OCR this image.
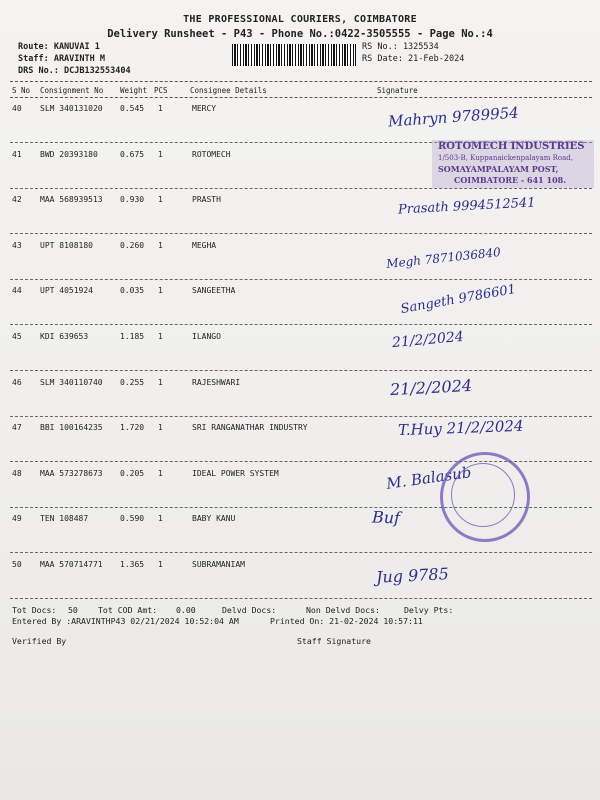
THE PROFESSIONAL COURIERS, COIMBATORE
Delivery Runsheet - P43 - Phone No.:0422-3505555 - Page No.:4
Route: KANUVAI 1
Staff: ARAVINTH M
DRS No.: DCJB132553404
RS No.: 1325534
RS Date: 21-Feb-2024
S No Consignment No Weight PCS	Consignee Details	Signature
40 SLM 340131020 0.545 1	MERCY	Mahryn 9789954
41 BWD 20393180	0.675 1	ROTOMECH
42 MAA 568939513 0.930 1	PRASTH	Prasath 9994512541
43 UPT 8108180	0.260 1	MEGHA	Megh 7871036840
44 UPT 4051924	0.035 1	SANGEETHA	Sangeth 9786601
45 KDI 639653	1.185 1	ILANGO	21/2/2024
46 SLM 340110740 0.255 1	RAJESHWARI	21/2/2024
47 BBI 100164235 1.720 1	SRI RANGANATHAR INDUSTRY	T.Huy 21/2/2024
48 MAA 573278673 0.205 1	IDEAL POWER SYSTEM	M. Balasub
49 TEN 108487	0.590 1	BABY KANU	Buf
50 MAA 570714771 1.365 1	SUBRAMANIAM	Jug 9785
ROTOMECH INDUSTRIES
1/503-B, Kuppanaickenpalayam Road,
SOMAYAMPALAYAM POST,
COIMBATORE - 641 108.
Tot Docs: 50 Tot COD Amt: 0.00	Delvd Docs:	Non Delvd Docs:	Delvy Pts:
Entered By :ARAVINTHP43 02/21/2024 10:52:04 AM	Printed On: 21-02-2024 10:57:11
Verified By	Staff Signature
